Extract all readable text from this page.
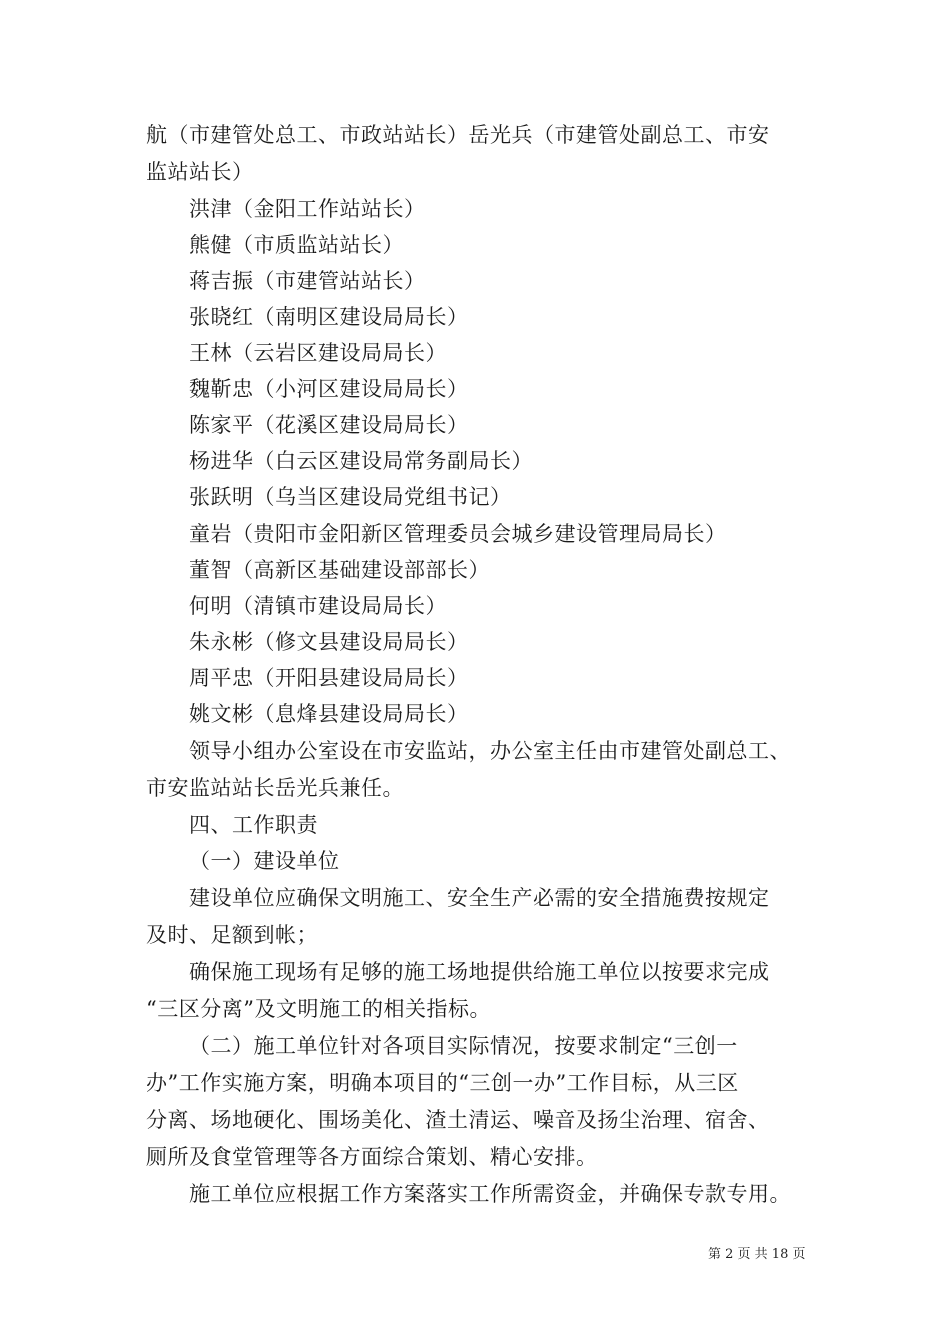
航（市建管处总工、市政站站长）岳光兵（市建管处副总工、市安
监站站长）
洪津（金阳工作站站长）
熊健（市质监站站长）
蒋吉振（市建管站站长）
张晓红（南明区建设局局长）
王林（云岩区建设局局长）
魏靳忠（小河区建设局局长）
陈家平（花溪区建设局局长）
杨进华（白云区建设局常务副局长）
张跃明（乌当区建设局党组书记）
童岩（贵阳市金阳新区管理委员会城乡建设管理局局长）
董智（高新区基础建设部部长）
何明（清镇市建设局局长）
朱永彬（修文县建设局局长）
周平忠（开阳县建设局局长）
姚文彬（息烽县建设局局长）
领导小组办公室设在市安监站，办公室主任由市建管处副总工、
市安监站站长岳光兵兼任。
四、工作职责
（一）建设单位
建设单位应确保文明施工、安全生产必需的安全措施费按规定
及时、足额到帐；
确保施工现场有足够的施工场地提供给施工单位以按要求完成
“三区分离”及文明施工的相关指标。
（二）施工单位针对各项目实际情况，按要求制定“三创一
办”工作实施方案，明确本项目的“三创一办”工作目标，从三区
分离、场地硬化、围场美化、渣土清运、噪音及扬尘治理、宿舍、
厕所及食堂管理等各方面综合策划、精心安排。
施工单位应根据工作方案落实工作所需资金，并确保专款专用。
第 2 页 共 18 页
